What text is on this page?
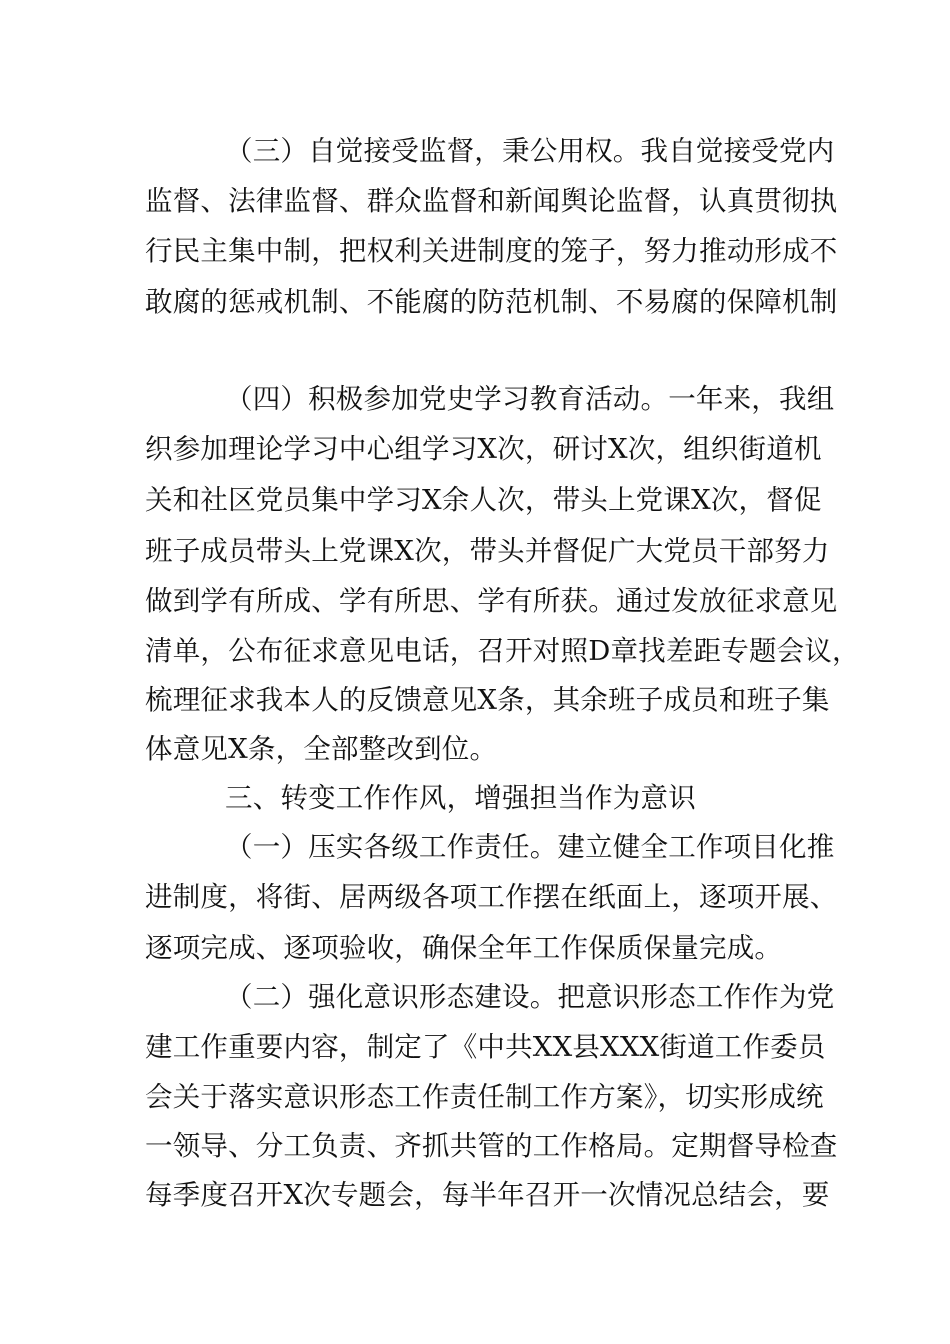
（三）自觉接受监督，秉公用权。我自觉接受党内
监督、法律监督、群众监督和新闻舆论监督，认真贯彻执
行民主集中制，把权利关进制度的笼子，努力推动形成不
敢腐的惩戒机制、不能腐的防范机制、不易腐的保障机制
（四）积极参加党史学习教育活动。一年来，我组
织参加理论学习中心组学习X次，研讨X次，组织街道机
关和社区党员集中学习X余人次，带头上党课X次，督促
班子成员带头上党课X次，带头并督促广大党员干部努力
做到学有所成、学有所思、学有所获。通过发放征求意见
清单，公布征求意见电话，召开对照D章找差距专题会议，
梳理征求我本人的反馈意见X条，其余班子成员和班子集
体意见X条，全部整改到位。
三、转变工作作风，增强担当作为意识
（一）压实各级工作责任。建立健全工作项目化推
进制度，将街、居两级各项工作摆在纸面上，逐项开展、
逐项完成、逐项验收，确保全年工作保质保量完成。
（二）强化意识形态建设。把意识形态工作作为党
建工作重要内容，制定了《中共XX县XXX街道工作委员
会关于落实意识形态工作责任制工作方案》，切实形成统
一领导、分工负责、齐抓共管的工作格局。定期督导检查
每季度召开X次专题会，每半年召开一次情况总结会，要
